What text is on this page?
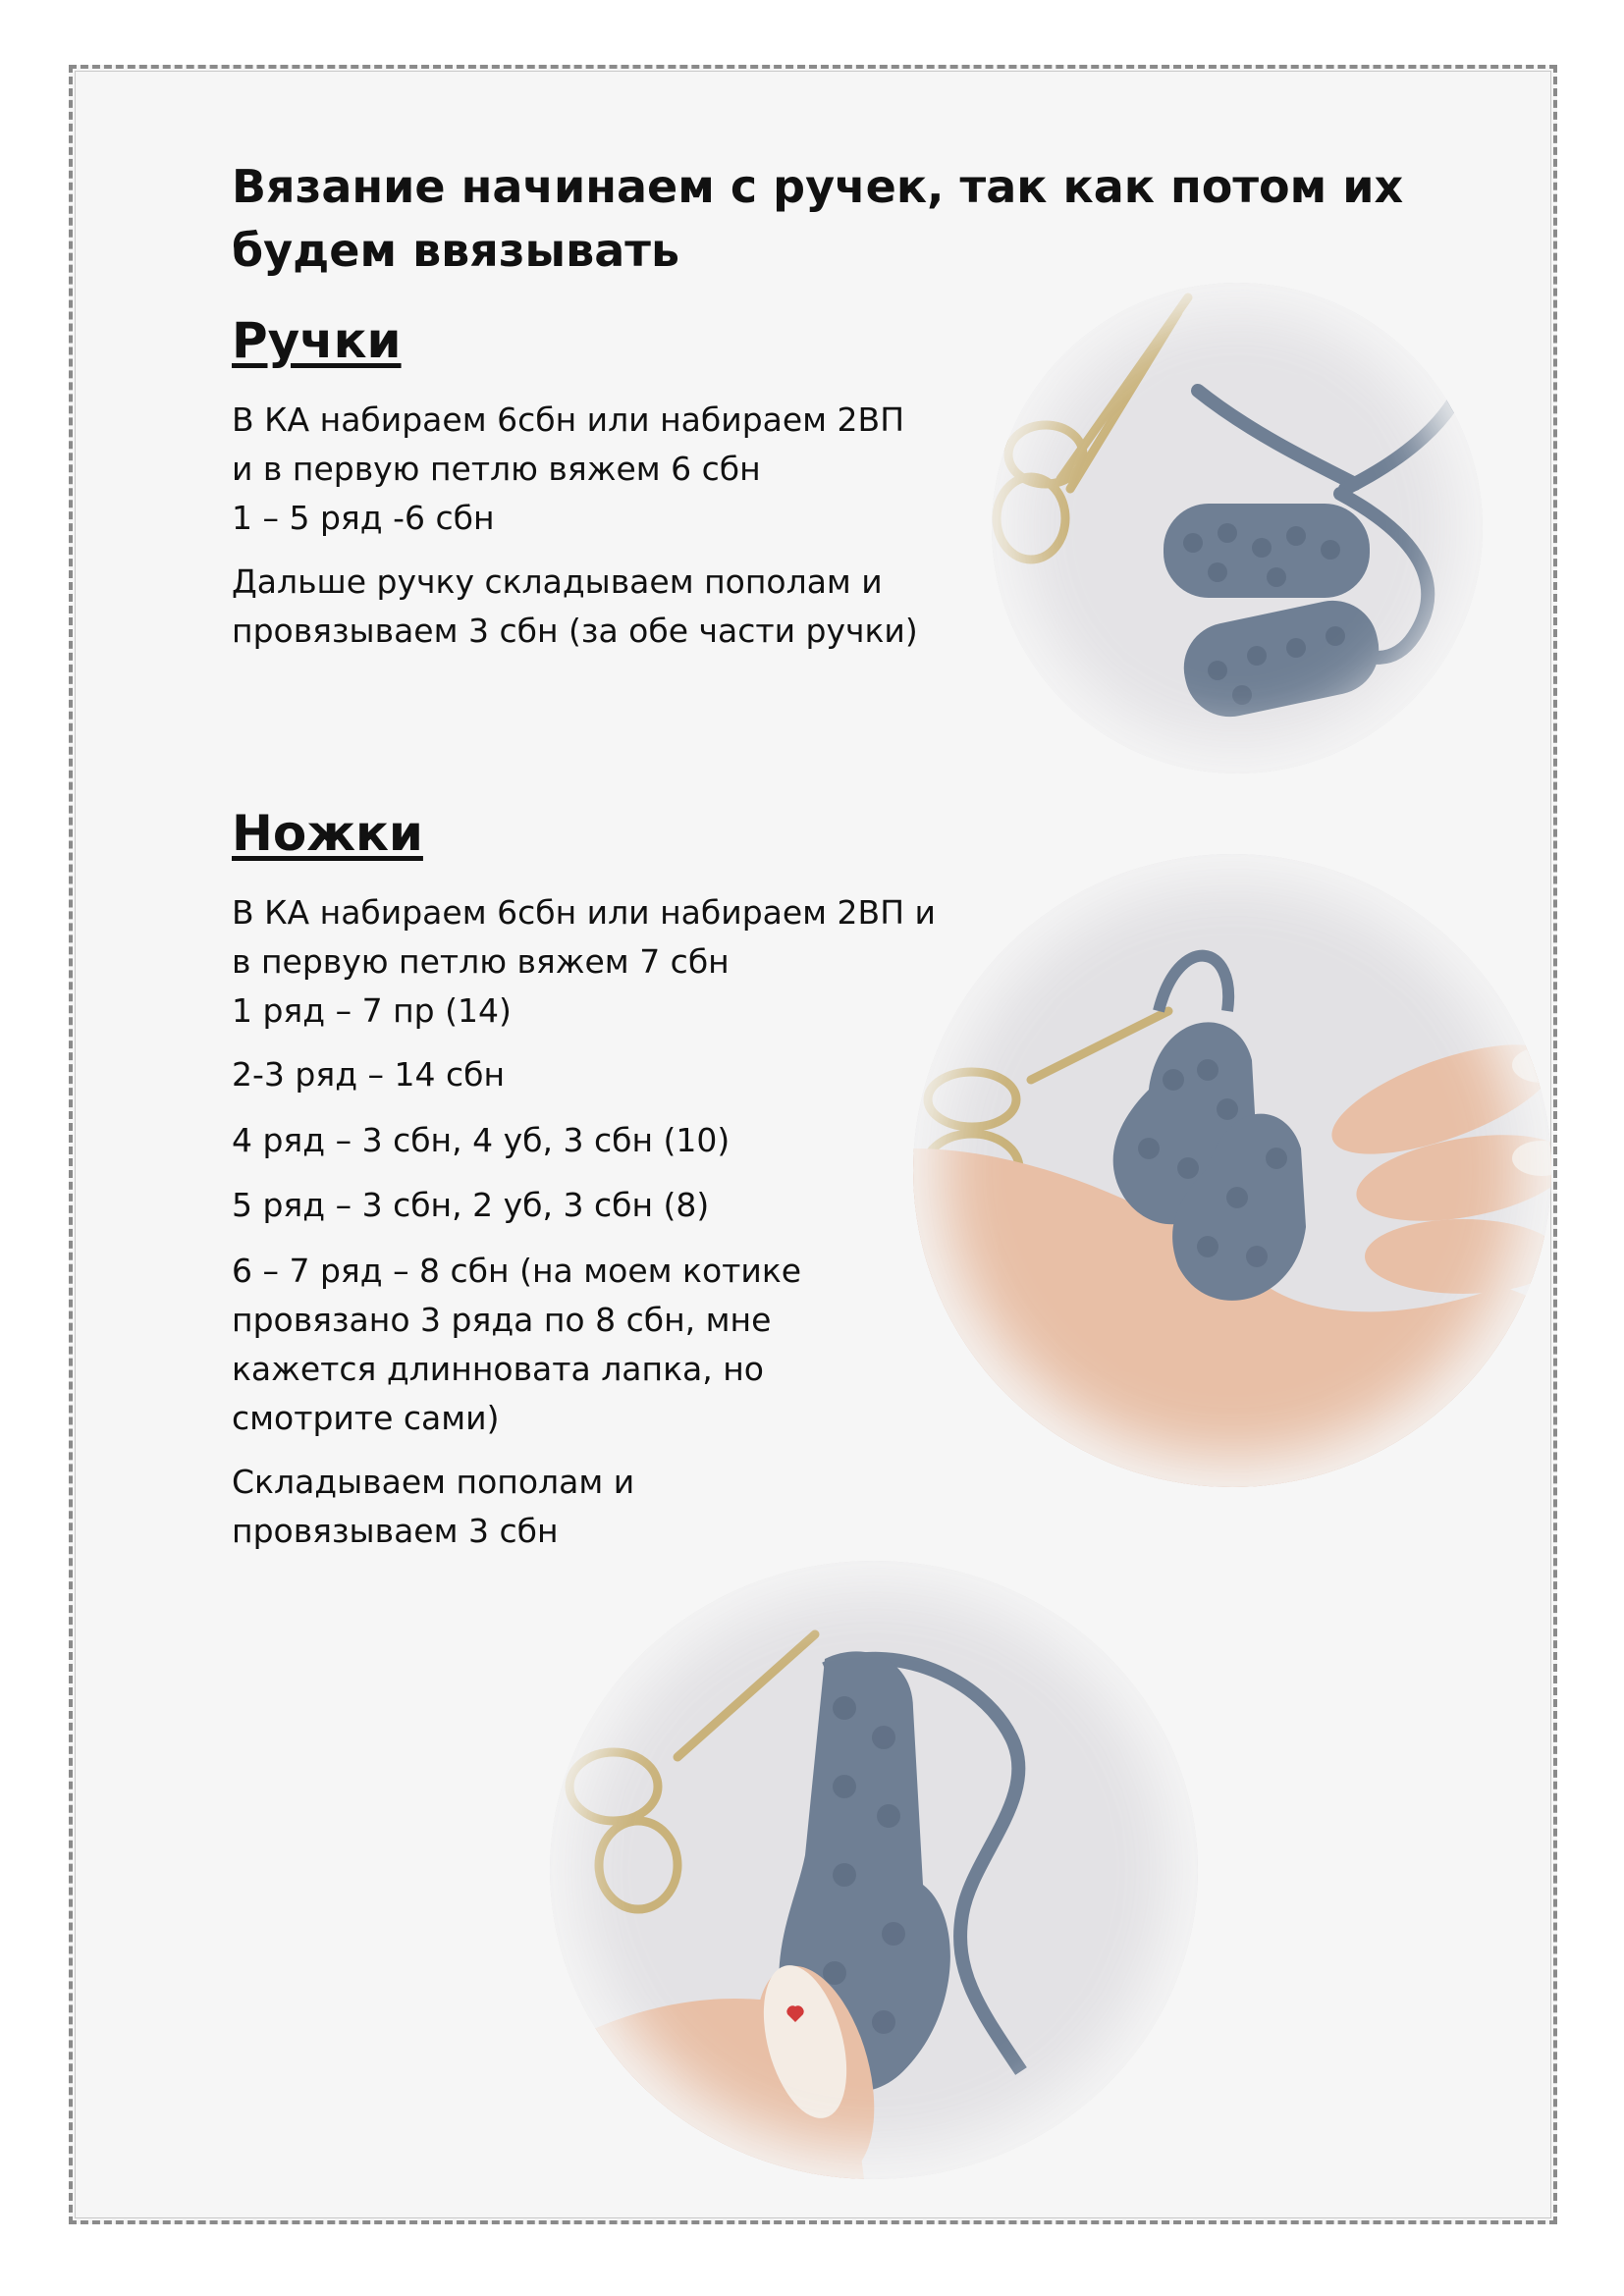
Вязание начинаем с ручек, так как потом их
будем ввязывать
Ручки

В КА набираем 6сбн или набираем 2ВП
и в первую петлю вяжем 6 сбн
1 – 5 ряд -6 сбн

Дальше ручку складываем пополам и
провязываем 3 сбн (за обе части ручки)

Ножки

В КА набираем 6сбн или набираем 2ВП и
в первую петлю вяжем 7 сбн
1 ряд – 7 пр (14)

2-3 ряд – 14 сбн

4 ряд – 3 сбн, 4 уб, 3 сбн (10)

5 ряд – 3 сбн, 2 уб, 3 сбн (8)

6 – 7 ряд – 8 сбн (на моем котике
провязано 3 ряда по 8 сбн, мне
кажется длинновата лапка, но
смотрите сами)

Складываем пополам и
провязываем 3 сбн
